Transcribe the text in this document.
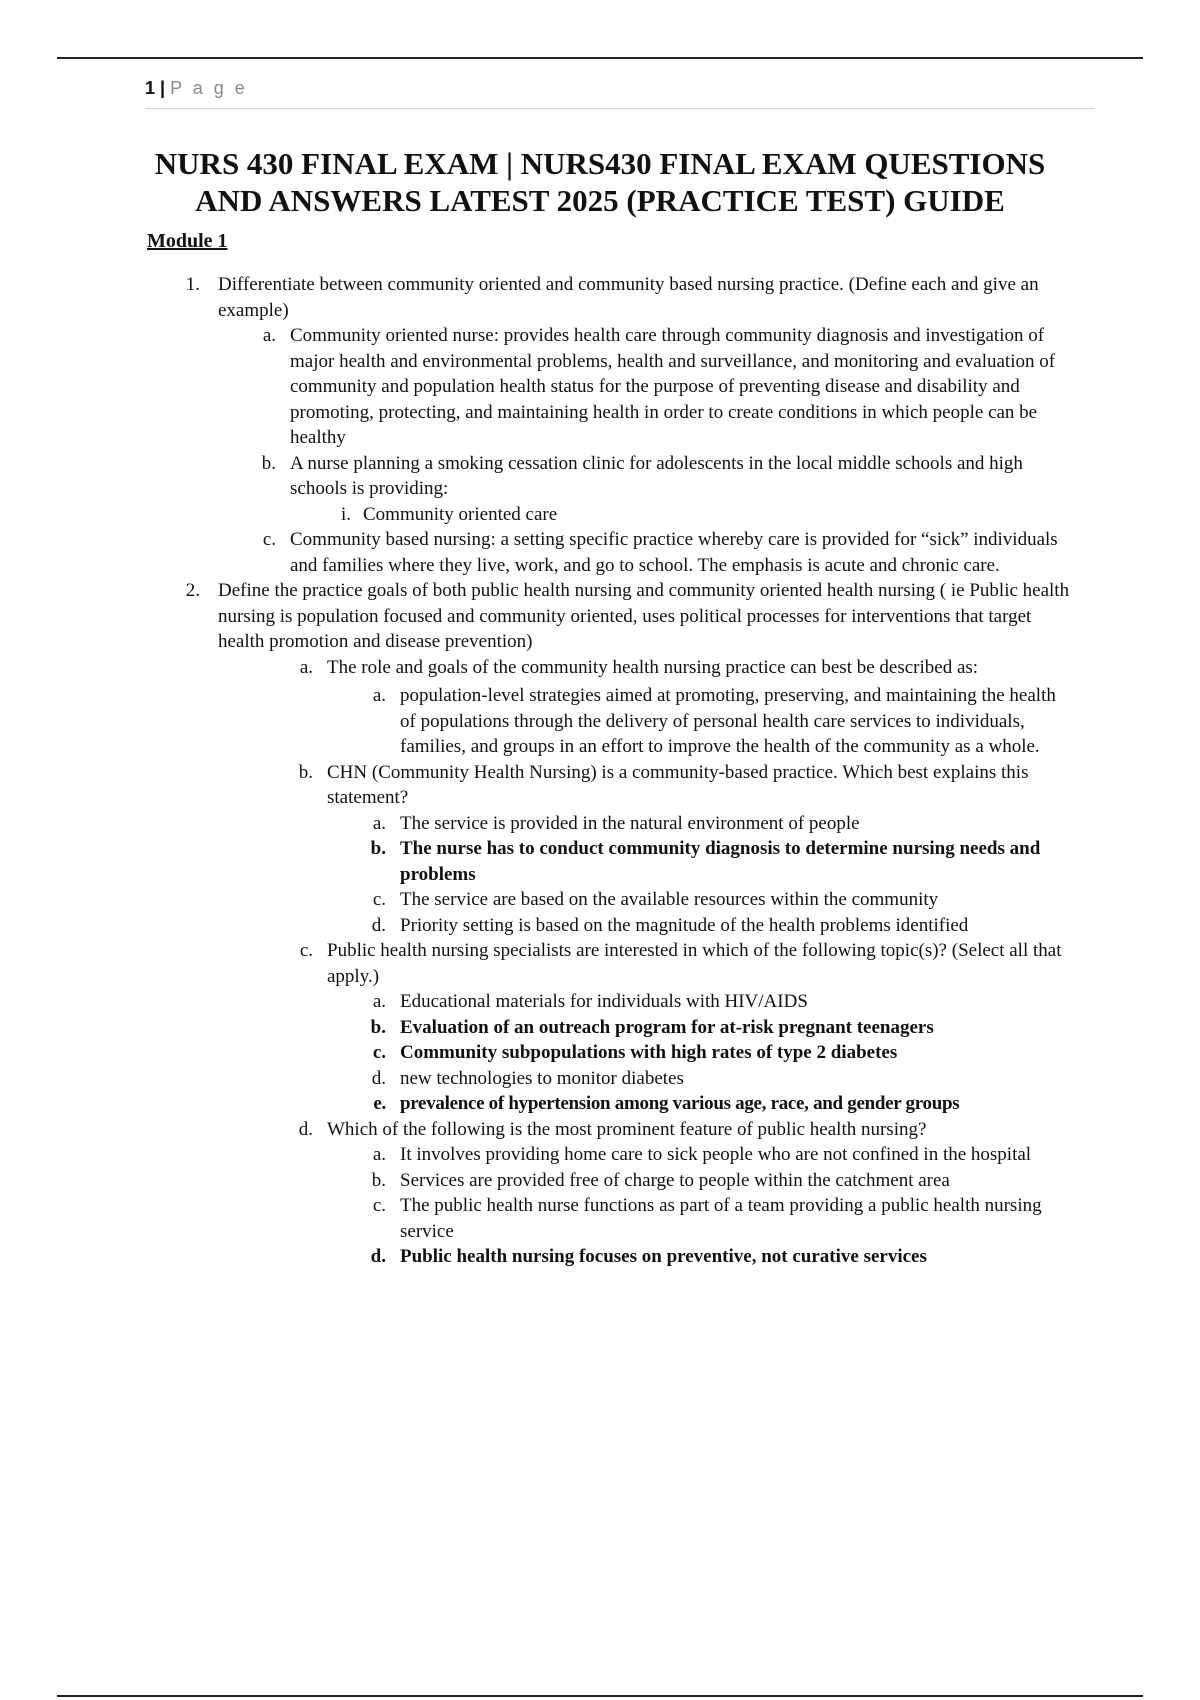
1 | P a g e
NURS 430 FINAL EXAM | NURS430 FINAL EXAM QUESTIONS AND ANSWERS LATEST 2025 (PRACTICE TEST) GUIDE
Module 1
1. Differentiate between community oriented and community based nursing practice. (Define each and give an example)
a. Community oriented nurse: provides health care through community diagnosis and investigation of major health and environmental problems, health and surveillance, and monitoring and evaluation of community and population health status for the purpose of preventing disease and disability and promoting, protecting, and maintaining health in order to create conditions in which people can be healthy
b. A nurse planning a smoking cessation clinic for adolescents in the local middle schools and high schools is providing:
i. Community oriented care
c. Community based nursing: a setting specific practice whereby care is provided for “sick” individuals and families where they live, work, and go to school. The emphasis is acute and chronic care.
2. Define the practice goals of both public health nursing and community oriented health nursing ( ie Public health nursing is population focused and community oriented, uses political processes for interventions that target health promotion and disease prevention)
a. The role and goals of the community health nursing practice can best be described as:
a. population-level strategies aimed at promoting, preserving, and maintaining the health of populations through the delivery of personal health care services to individuals, families, and groups in an effort to improve the health of the community as a whole.
b. CHN (Community Health Nursing) is a community-based practice. Which best explains this statement?
a. The service is provided in the natural environment of people
b. The nurse has to conduct community diagnosis to determine nursing needs and problems
c. The service are based on the available resources within the community
d. Priority setting is based on the magnitude of the health problems identified
c. Public health nursing specialists are interested in which of the following topic(s)? (Select all that apply.)
a. Educational materials for individuals with HIV/AIDS
b. Evaluation of an outreach program for at-risk pregnant teenagers
c. Community subpopulations with high rates of type 2 diabetes
d. new technologies to monitor diabetes
e. prevalence of hypertension among various age, race, and gender groups
d. Which of the following is the most prominent feature of public health nursing?
a. It involves providing home care to sick people who are not confined in the hospital
b. Services are provided free of charge to people within the catchment area
c. The public health nurse functions as part of a team providing a public health nursing service
d. Public health nursing focuses on preventive, not curative services
